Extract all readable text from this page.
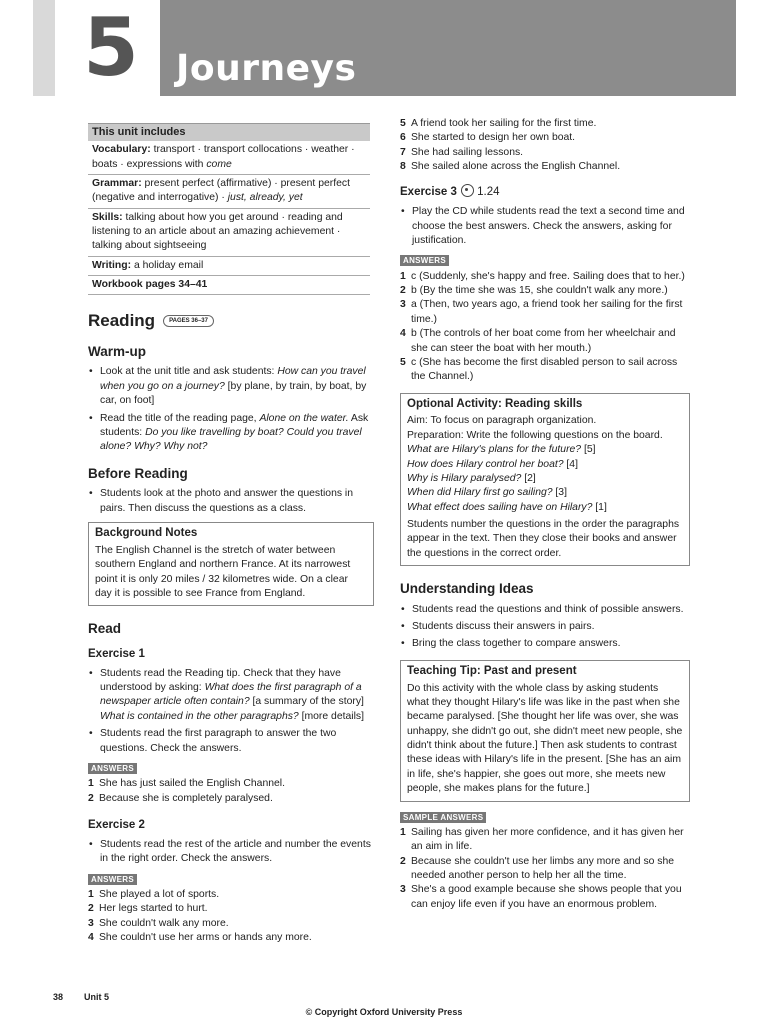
5	Journeys
This unit includes
Vocabulary: transport · transport collocations · weather · boats · expressions with come
Grammar: present perfect (affirmative) · present perfect (negative and interrogative) · just, already, yet
Skills: talking about how you get around · reading and listening to an article about an amazing achievement · talking about sightseeing
Writing: a holiday email
Workbook pages 34–41
Reading	PAGES 36–37
Warm-up
• Look at the unit title and ask students: How can you travel when you go on a journey? [by plane, by train, by boat, by car, on foot]
• Read the title of the reading page, Alone on the water. Ask students: Do you like travelling by boat? Could you travel alone? Why? Why not?
Before Reading
• Students look at the photo and answer the questions in pairs. Then discuss the questions as a class.
Background Notes
The English Channel is the stretch of water between southern England and northern France. At its narrowest point it is only 20 miles / 32 kilometres wide. On a clear day it is possible to see France from England.
Read
Exercise 1
• Students read the Reading tip. Check that they have understood by asking: What does the first paragraph of a newspaper article often contain? [a summary of the story] What is contained in the other paragraphs? [more details]
• Students read the first paragraph to answer the two questions. Check the answers.
ANSWERS
1 She has just sailed the English Channel.
2 Because she is completely paralysed.
Exercise 2
• Students read the rest of the article and number the events in the right order. Check the answers.
ANSWERS
1 She played a lot of sports.
2 Her legs started to hurt.
3 She couldn't walk any more.
4 She couldn't use her arms or hands any more.
5 A friend took her sailing for the first time.
6 She started to design her own boat.
7 She had sailing lessons.
8 She sailed alone across the English Channel.
Exercise 3 1.24
• Play the CD while students read the text a second time and choose the best answers. Check the answers, asking for justification.
ANSWERS
1 c (Suddenly, she's happy and free. Sailing does that to her.)
2 b (By the time she was 15, she couldn't walk any more.)
3 a (Then, two years ago, a friend took her sailing for the first time.)
4 b (The controls of her boat come from her wheelchair and she can steer the boat with her mouth.)
5 c (She has become the first disabled person to sail across the Channel.)
Optional Activity: Reading skills
Aim: To focus on paragraph organization.
Preparation: Write the following questions on the board.
What are Hilary's plans for the future? [5]
How does Hilary control her boat? [4]
Why is Hilary paralysed? [2]
When did Hilary first go sailing? [3]
What effect does sailing have on Hilary? [1]
Students number the questions in the order the paragraphs appear in the text. Then they close their books and answer the questions in the correct order.
Understanding Ideas
• Students read the questions and think of possible answers.
• Students discuss their answers in pairs.
• Bring the class together to compare answers.
Teaching Tip: Past and present
Do this activity with the whole class by asking students what they thought Hilary's life was like in the past when she became paralysed. [She thought her life was over, she was unhappy, she didn't go out, she didn't meet new people, she didn't think about the future.] Then ask students to contrast these ideas with Hilary's life in the present. [She has an aim in life, she's happier, she goes out more, she meets new people, she makes plans for the future.]
SAMPLE ANSWERS
1 Sailing has given her more confidence, and it has given her an aim in life.
2 Because she couldn't use her limbs any more and so she needed another person to help her all the time.
3 She's a good example because she shows people that you can enjoy life even if you have an enormous problem.
38 Unit 5
© Copyright Oxford University Press
